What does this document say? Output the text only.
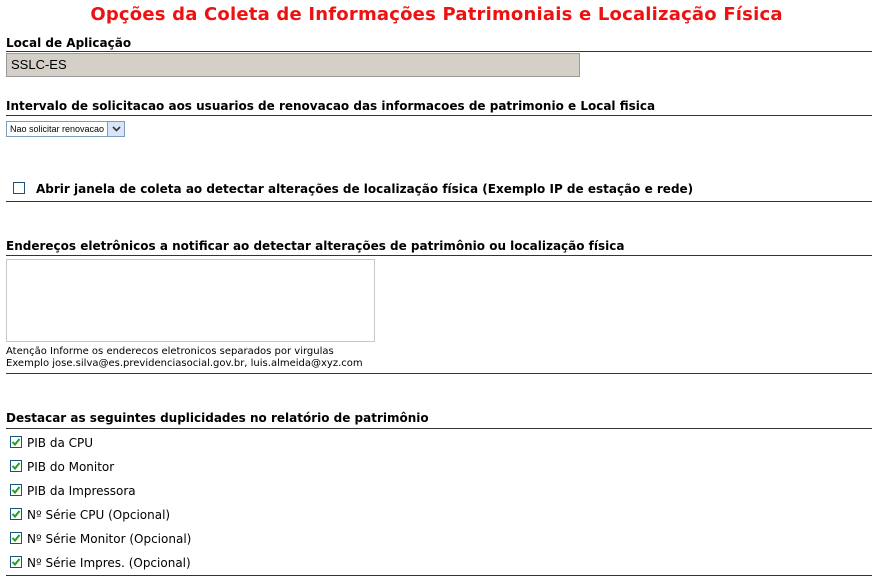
Opções da Coleta de Informações Patrimoniais e Localização Física
Local de Aplicação
SSLC-ES
Intervalo de solicitacao aos usuarios de renovacao das informacoes de patrimonio e Local fisica
Nao solicitar renovacao
Abrir janela de coleta ao detectar alterações de localização física (Exemplo IP de estação e rede)
Endereços eletrônicos a notificar ao detectar alterações de patrimônio ou localização física
Atenção Informe os enderecos eletronicos separados por virgulas
Exemplo jose.silva@es.previdenciasocial.gov.br, luis.almeida@xyz.com
Destacar as seguintes duplicidades no relatório de patrimônio
PIB da CPU
PIB do Monitor
PIB da Impressora
Nº Série CPU (Opcional)
Nº Série Monitor (Opcional)
Nº Série Impres. (Opcional)
